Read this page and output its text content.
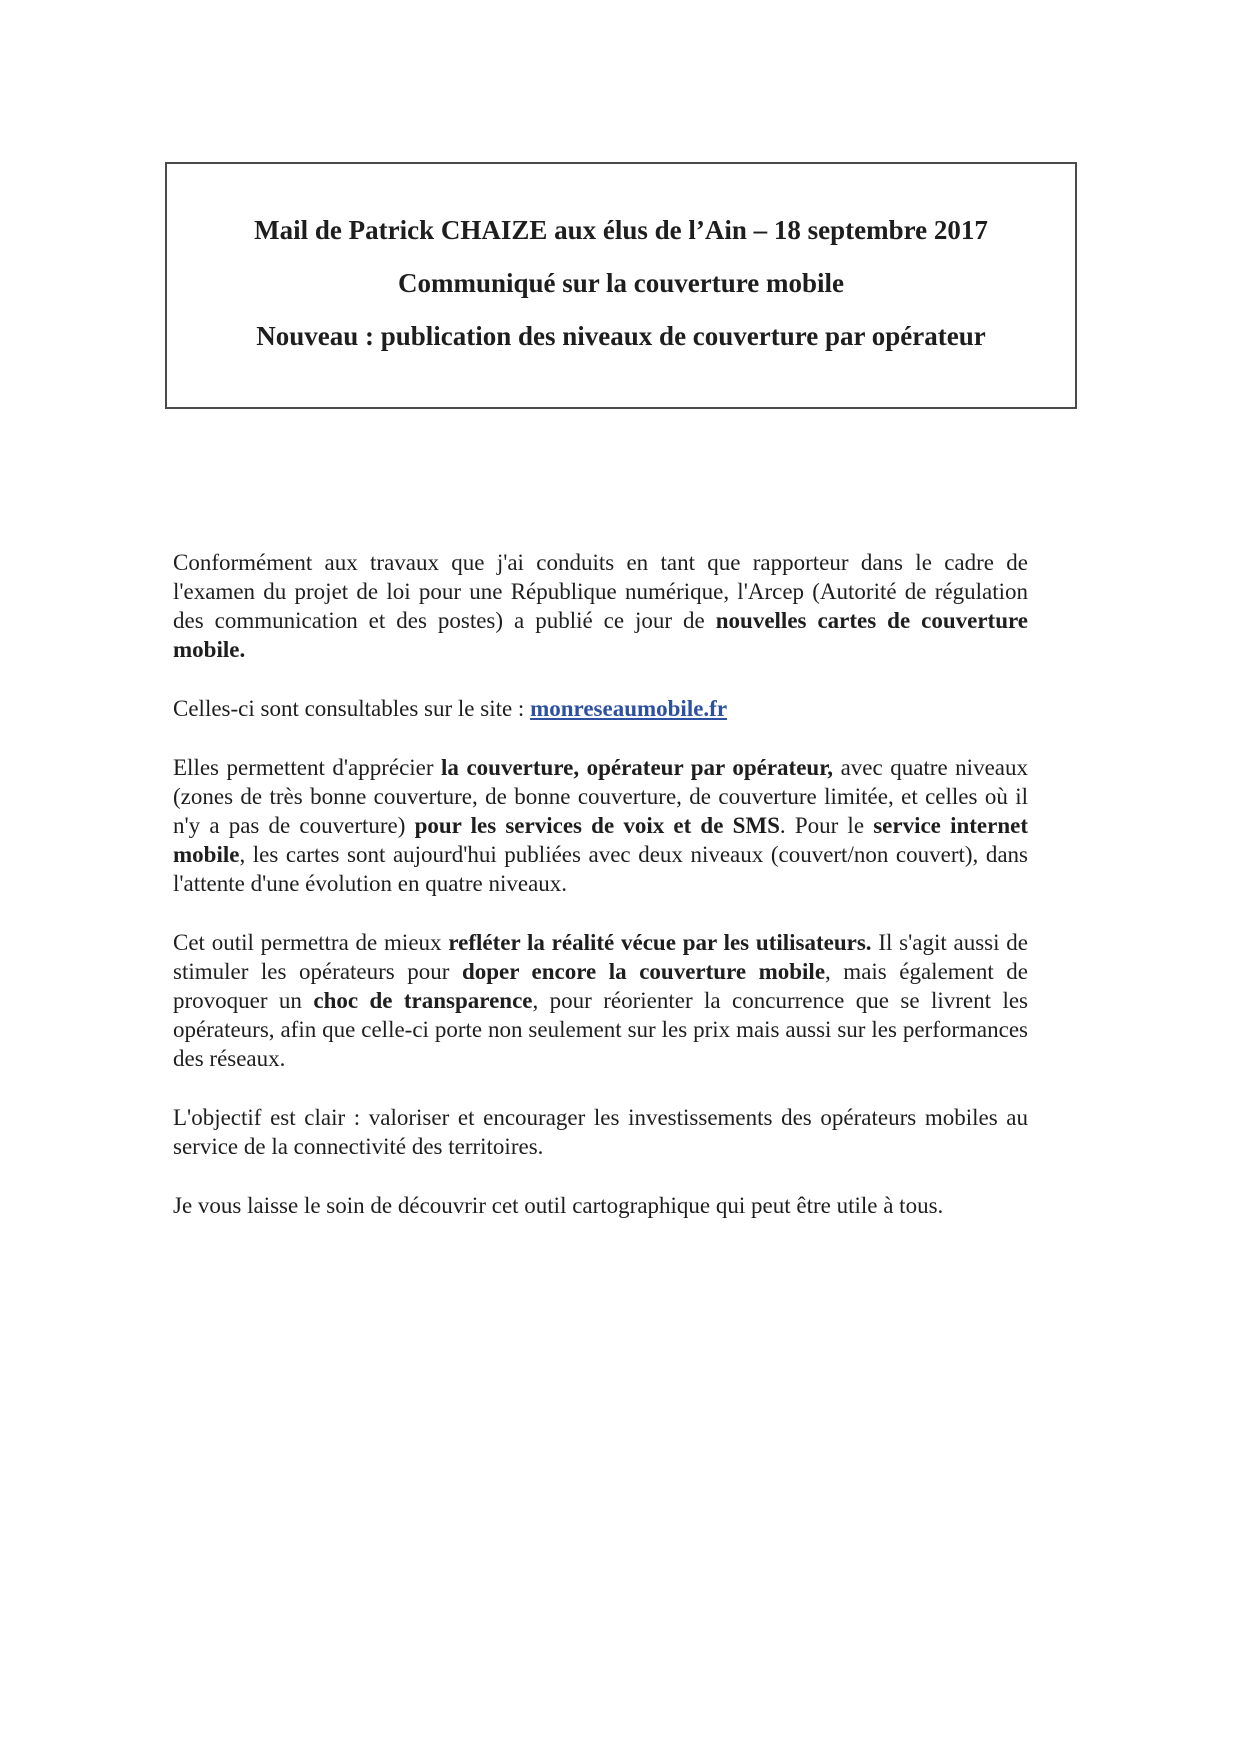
Mail de Patrick CHAIZE aux élus de l’Ain – 18 septembre 2017
Communiqué sur la couverture mobile
Nouveau : publication des niveaux de couverture par opérateur

Conformément aux travaux que j'ai conduits en tant que rapporteur dans le cadre de l'examen du projet de loi pour une République numérique, l'Arcep (Autorité de régulation des communication et des postes) a publié ce jour de nouvelles cartes de couverture mobile.

Celles-ci sont consultables sur le site : monreseaumobile.fr

Elles permettent d'apprécier la couverture, opérateur par opérateur, avec quatre niveaux (zones de très bonne couverture, de bonne couverture, de couverture limitée, et celles où il n'y a pas de couverture) pour les services de voix et de SMS. Pour le service internet mobile, les cartes sont aujourd'hui publiées avec deux niveaux (couvert/non couvert), dans l'attente d'une évolution en quatre niveaux.

Cet outil permettra de mieux refléter la réalité vécue par les utilisateurs. Il s'agit aussi de stimuler les opérateurs pour doper encore la couverture mobile, mais également de provoquer un choc de transparence, pour réorienter la concurrence que se livrent les opérateurs, afin que celle-ci porte non seulement sur les prix mais aussi sur les performances des réseaux.

L'objectif est clair : valoriser et encourager les investissements des opérateurs mobiles au service de la connectivité des territoires.

Je vous laisse le soin de découvrir cet outil cartographique qui peut être utile à tous.
